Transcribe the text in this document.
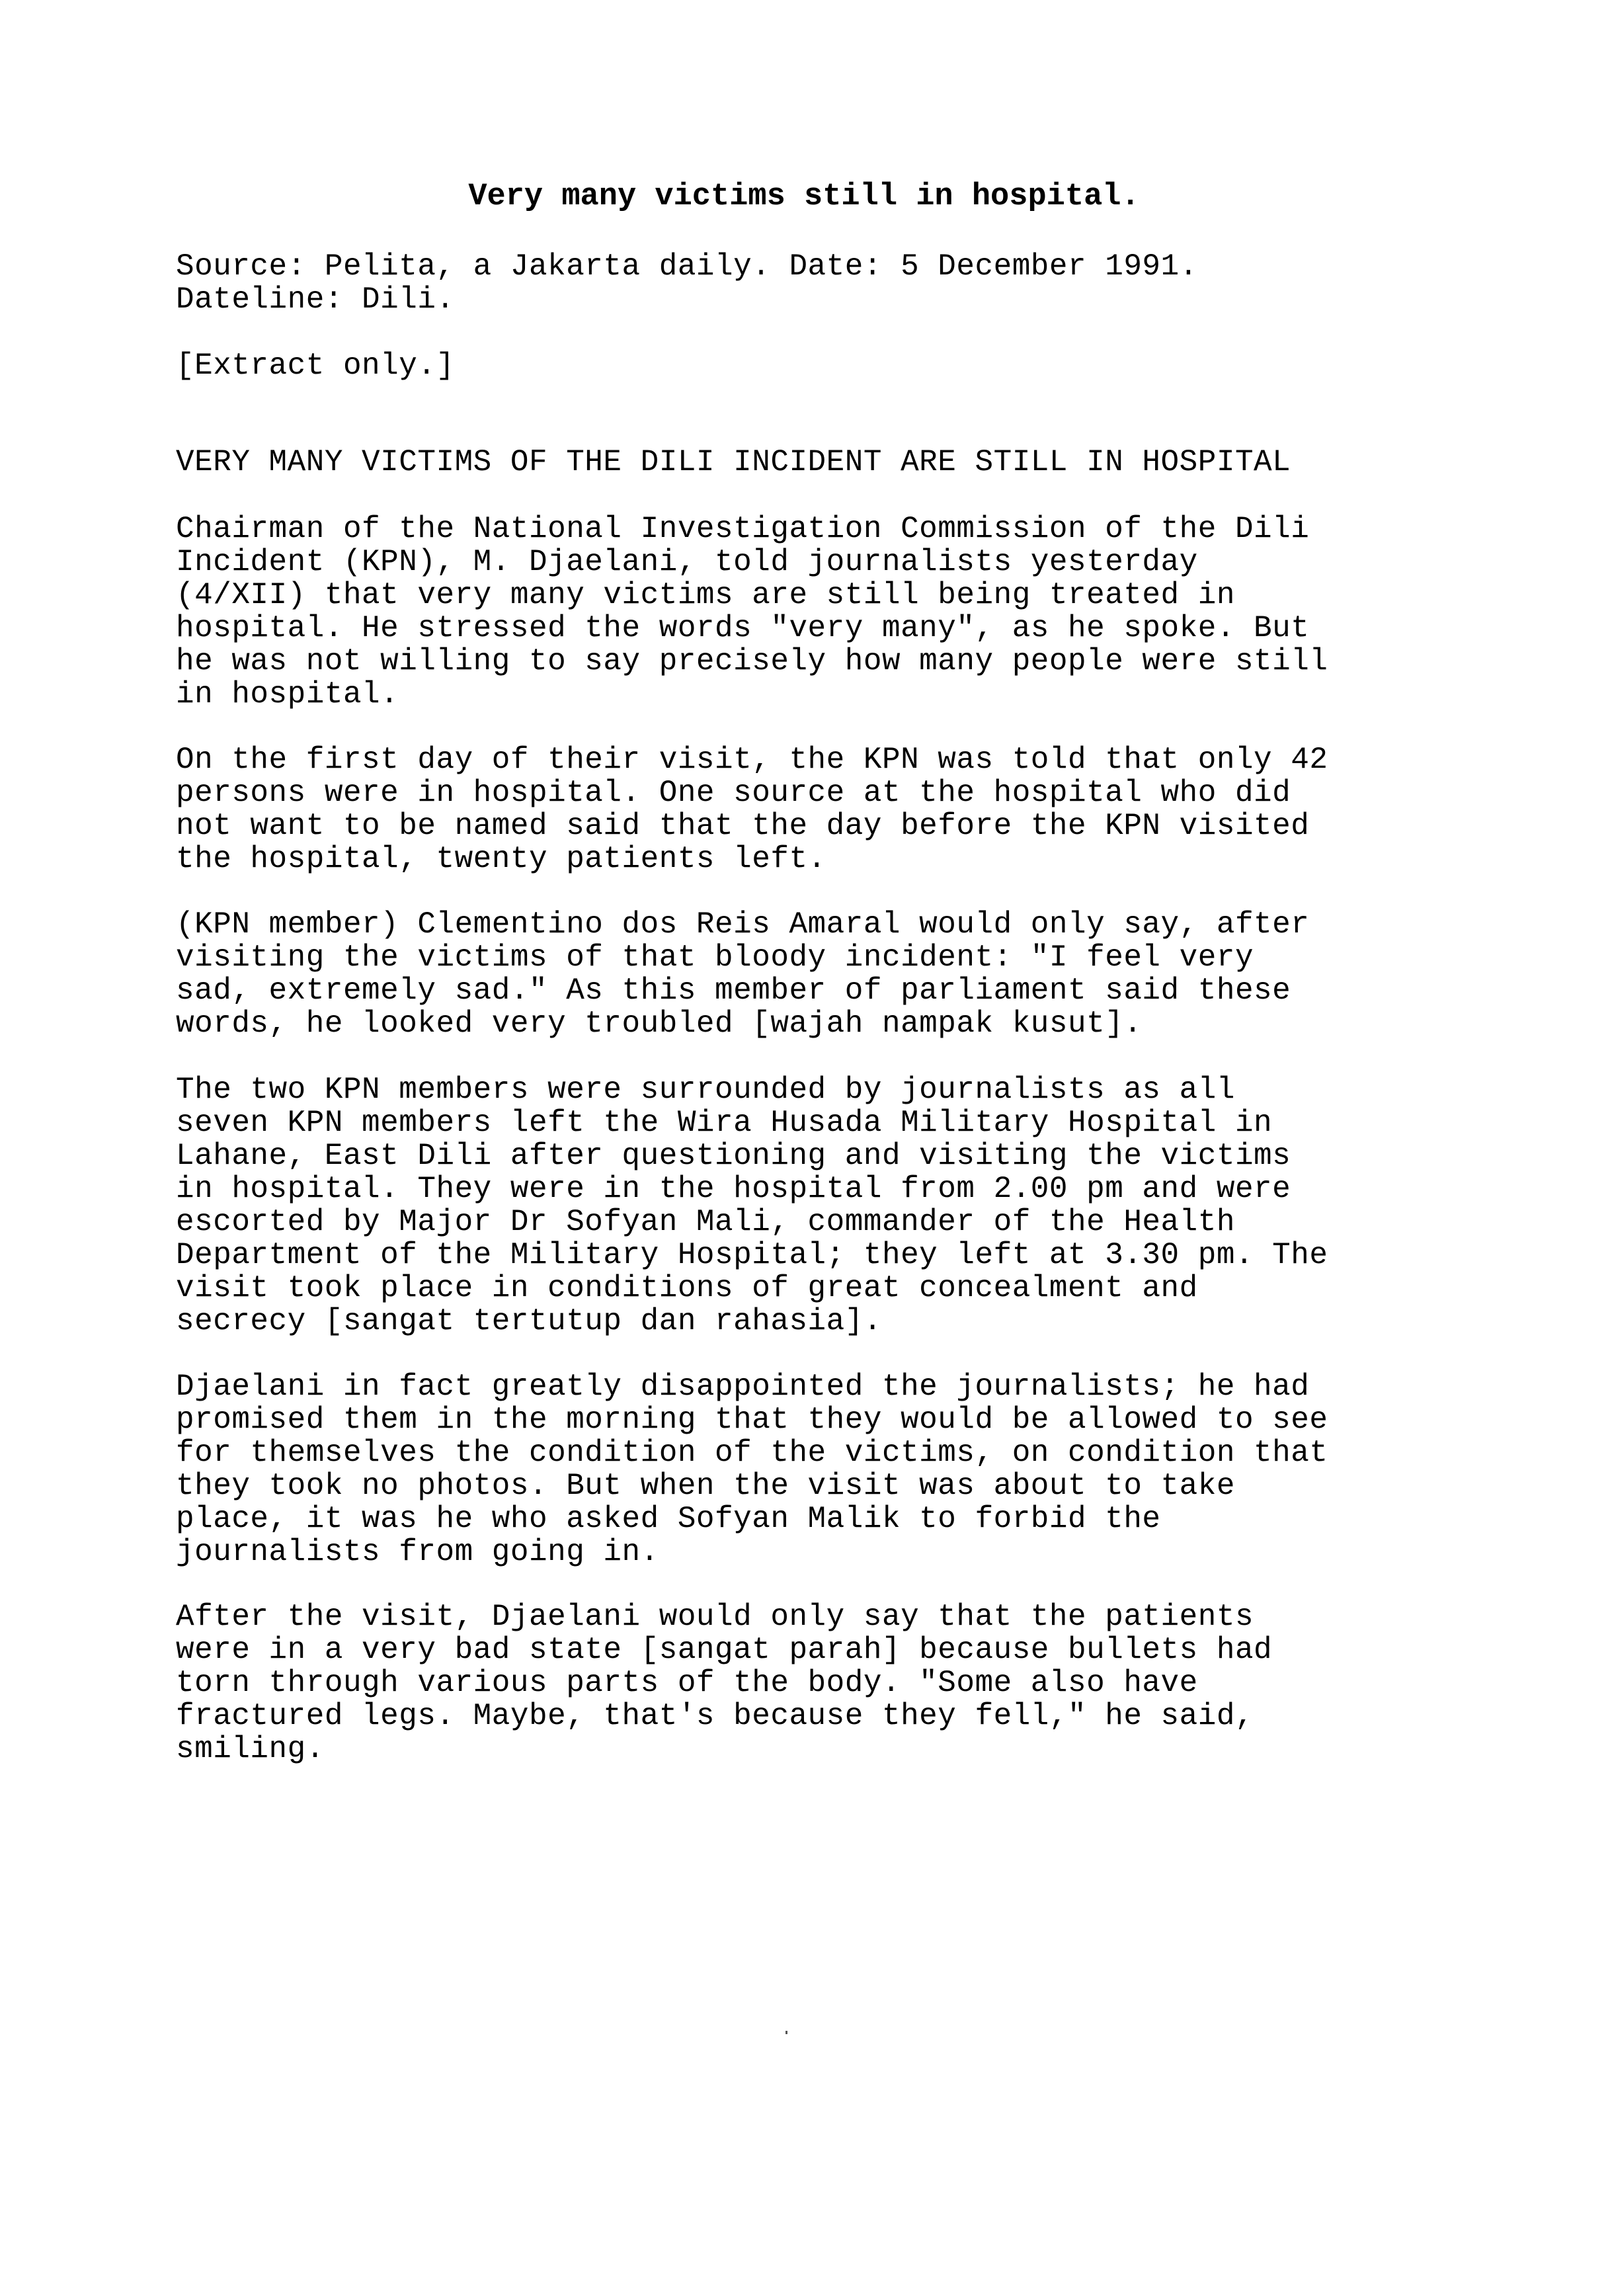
Very many victims still in hospital.
Source: Pelita, a Jakarta daily. Date: 5 December 1991.
Dateline: Dili.
[Extract only.]
VERY MANY VICTIMS OF THE DILI INCIDENT ARE STILL IN HOSPITAL
Chairman of the National Investigation Commission of the Dili
Incident (KPN), M. Djaelani, told journalists yesterday
(4/XII) that very many victims are still being treated in
hospital. He stressed the words "very many", as he spoke. But
he was not willing to say precisely how many people were still
in hospital.
On the first day of their visit, the KPN was told that only 42
persons were in hospital. One source at the hospital who did
not want to be named said that the day before the KPN visited
the hospital, twenty patients left.
(KPN member) Clementino dos Reis Amaral would only say, after
visiting the victims of that bloody incident: "I feel very
sad, extremely sad." As this member of parliament said these
words, he looked very troubled [wajah nampak kusut].
The two KPN members were surrounded by journalists as all
seven KPN members left the Wira Husada Military Hospital in
Lahane, East Dili after questioning and visiting the victims
in hospital. They were in the hospital from 2.00 pm and were
escorted by Major Dr Sofyan Mali, commander of the Health
Department of the Military Hospital; they left at 3.30 pm. The
visit took place in conditions of great concealment and
secrecy [sangat tertutup dan rahasia].
Djaelani in fact greatly disappointed the journalists; he had
promised them in the morning that they would be allowed to see
for themselves the condition of the victims, on condition that
they took no photos. But when the visit was about to take
place, it was he who asked Sofyan Malik to forbid the
journalists from going in.
After the visit, Djaelani would only say that the patients
were in a very bad state [sangat parah] because bullets had
torn through various parts of the body. "Some also have
fractured legs. Maybe, that's because they fell," he said,
smiling.
